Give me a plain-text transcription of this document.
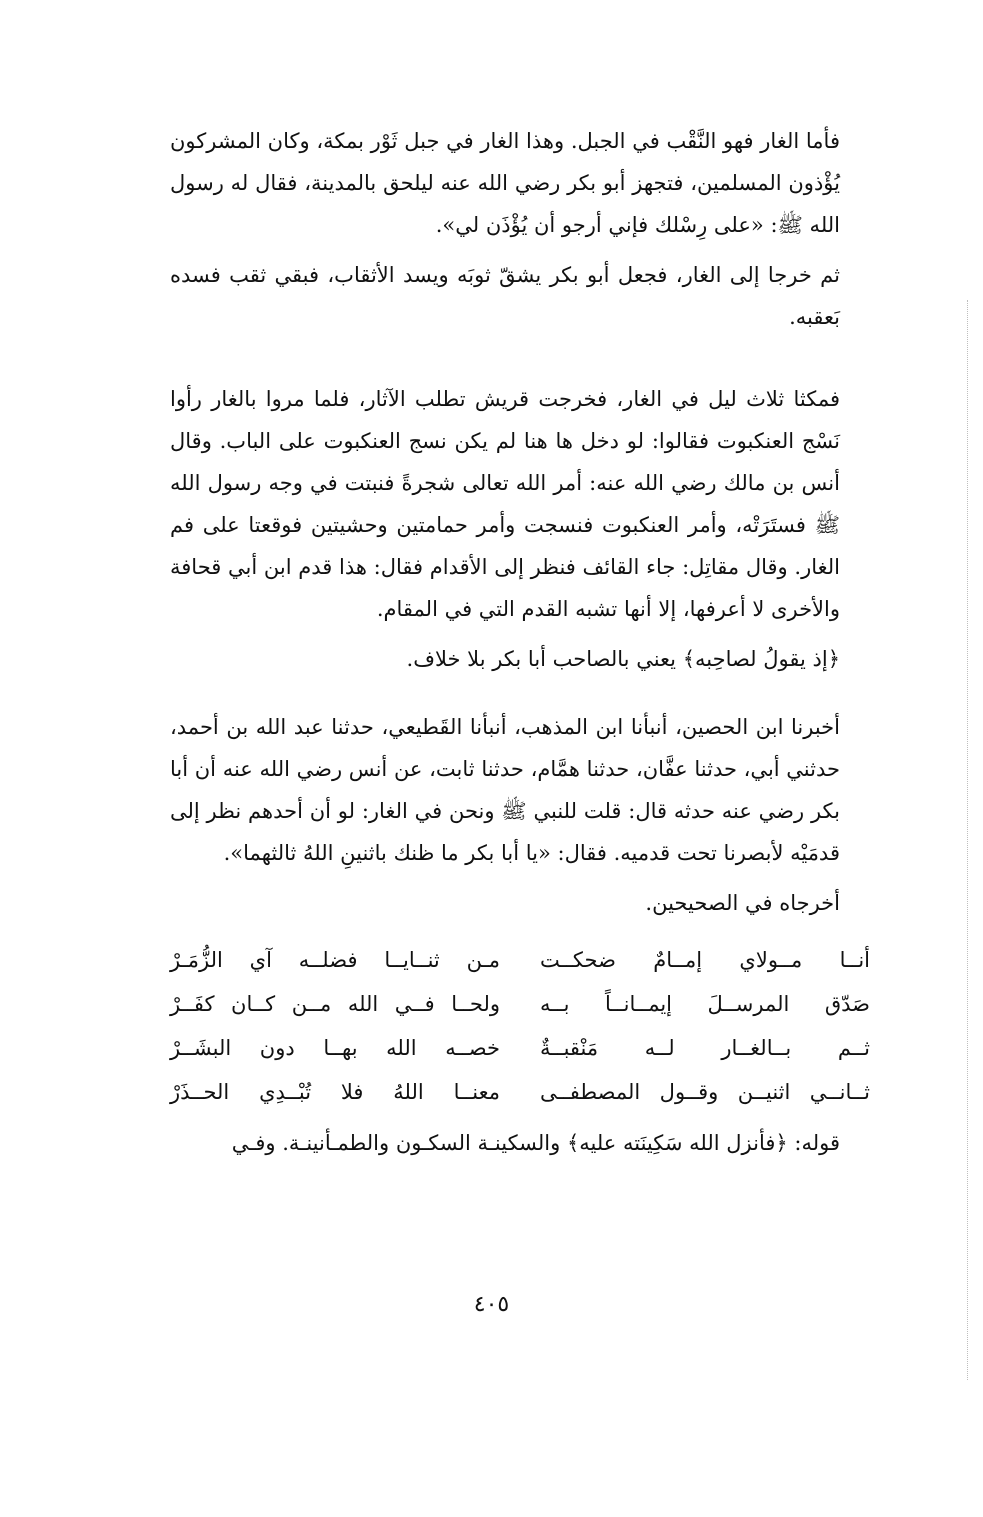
فأما الغار فهو النَّقْب في الجبل. وهذا الغار في جبل ثَوْر بمكة، وكان المشركون يُؤْذون المسلمين، فتجهز أبو بكر رضي الله عنه ليلحق بالمدينة، فقال له رسول الله ﷺ: «على رِسْلك فإني أرجو أن يُؤْذَن لي».

ثم خرجا إلى الغار، فجعل أبو بكر يشقّ ثوبَه ويسد الأثقاب، فبقي ثقب فسده بَعقبه.

فمكثا ثلاث ليل في الغار، فخرجت قريش تطلب الآثار، فلما مروا بالغار رأوا نَسْج العنكبوت فقالوا: لو دخل ها هنا لم يكن نسج العنكبوت على الباب. وقال أنس بن مالك رضي الله عنه: أمر الله تعالى شجرةً فنبتت في وجه رسول الله ﷺ فستَرَتْه، وأمر العنكبوت فنسجت وأمر حمامتين وحشيتين فوقعتا على فم الغار. وقال مقاتِل: جاء القائف فنظر إلى الأقدام فقال: هذا قدم ابن أبي قحافة والأخرى لا أعرفها، إلا أنها تشبه القدم التي في المقام.

﴿إذ يقولُ لصاحِبه﴾ يعني بالصاحب أبا بكر بلا خلاف.

أخبرنا ابن الحصين، أنبأنا ابن المذهب، أنبأنا القَطيعي، حدثنا عبد الله بن أحمد، حدثني أبي، حدثنا عفَّان، حدثنا همَّام، حدثنا ثابت، عن أنس رضي الله عنه أن أبا بكر رضي عنه حدثه قال: قلت للنبي ﷺ ونحن في الغار: لو أن أحدهم نظر إلى قدمَيْه لأبصرنا تحت قدميه. فقال: «يا أبا بكر ما ظنك باثنينِ اللهُ ثالثهما».

أخرجاه في الصحيحين.

أنــا مــولاي إمــامٌ ضحكــت
مـن ثنــايــا فضلــه آي الزُّمَـرْ
صَدّق المرســلَ إيمــانــاً بــه
ولحــا فــي الله مــن كــان كفَــرْ
ثــم بــالغــار لــه مَنْقبــةٌ
خصــه الله بهــا دون البشَــرْ
ثــانــي اثنيــن وقــول المصطفــى
معنــا اللهُ فلا تُبْــدِي الحــذَرْ

قوله: ﴿فأنزل الله سَكِينَته عليه﴾ والسكينـة السكـون والطمـأنينـة. وفـي

٤٠٥
